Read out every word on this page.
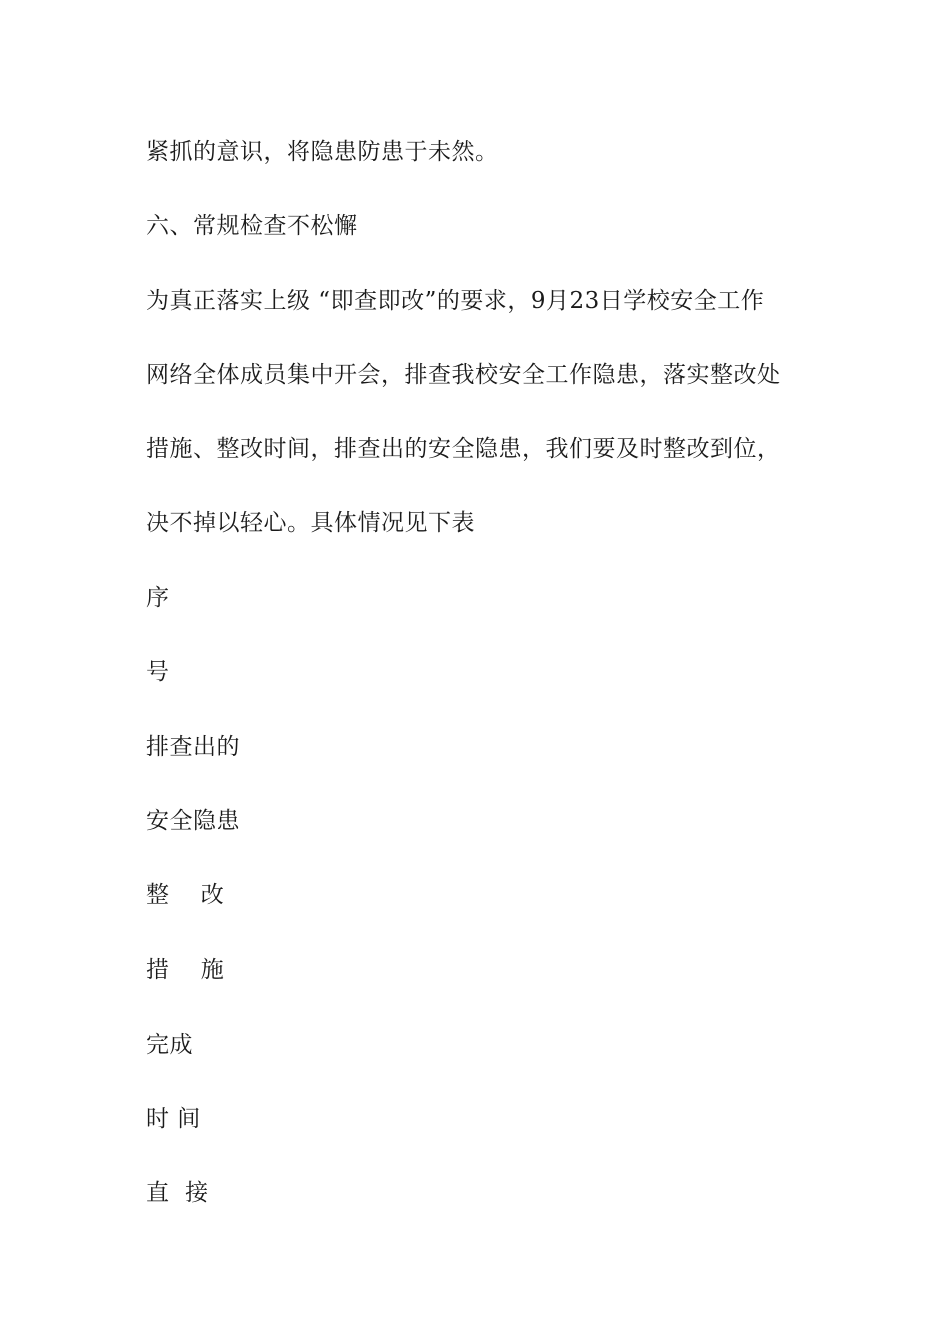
紧抓的意识，将隐患防患于未然。
六、常规检查不松懈
为真正落实上级 “即查即改”的要求，9月23日学校安全工作
网络全体成员集中开会，排查我校安全工作隐患，落实整改处
措施、整改时间，排查出的安全隐患，我们要及时整改到位，
决不掉以轻心。具体情况见下表
序
号
排查出的
安全隐患
整    改
措    施
完成
时 间
直  接
